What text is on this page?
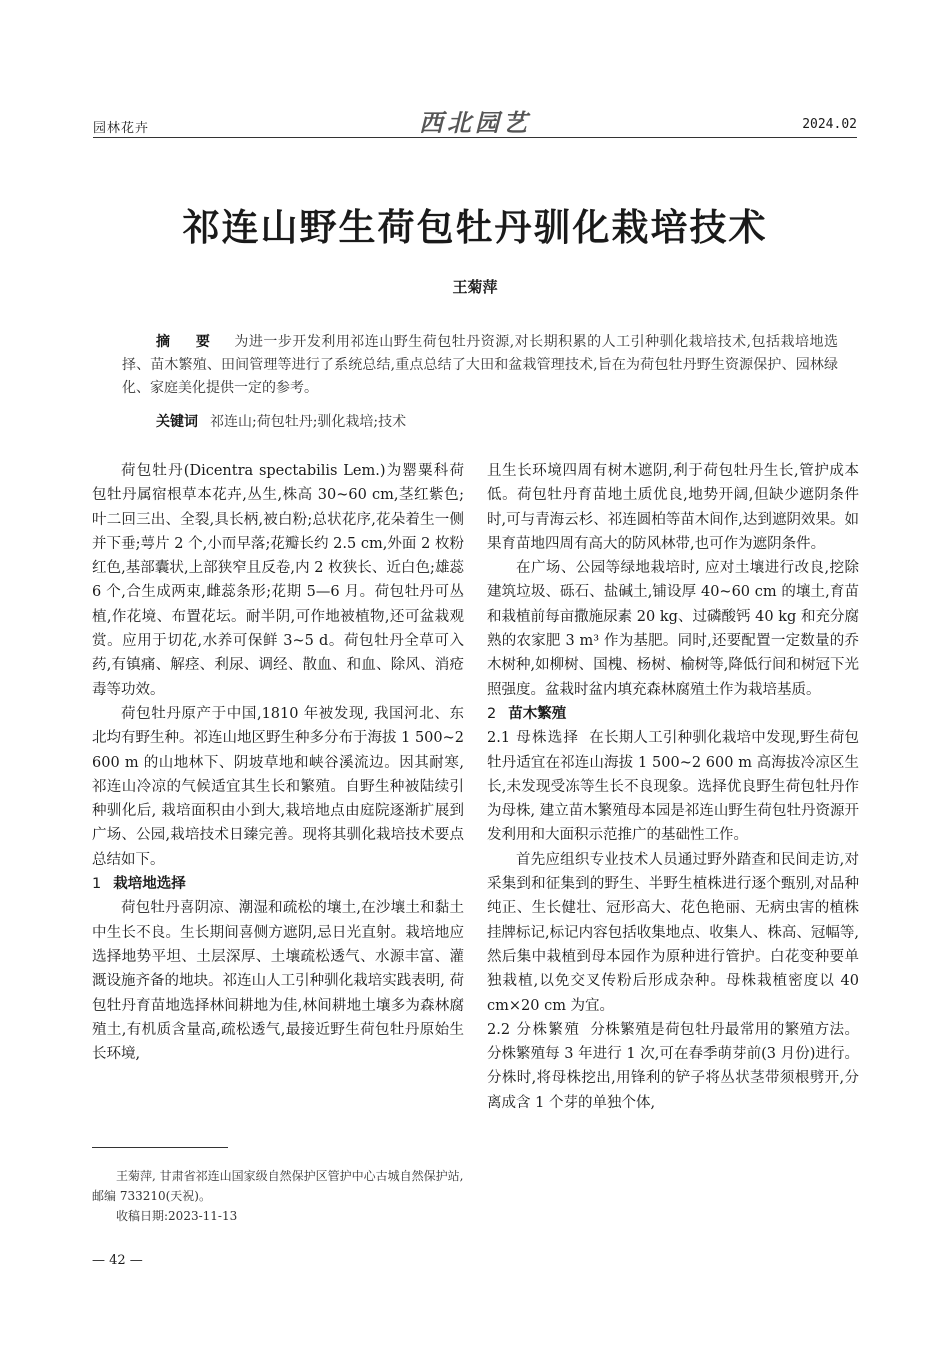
园林花卉	西北园艺	2024.02
祁连山野生荷包牡丹驯化栽培技术
王菊萍
摘 要 为进一步开发利用祁连山野生荷包牡丹资源,对长期积累的人工引种驯化栽培技术,包括栽培地选择、苗木繁殖、田间管理等进行了系统总结,重点总结了大田和盆栽管理技术,旨在为荷包牡丹野生资源保护、园林绿化、家庭美化提供一定的参考。
关键词 祁连山;荷包牡丹;驯化栽培;技术

荷包牡丹(Dicentra spectabilis Lem.)为罂粟科荷包牡丹属宿根草本花卉,丛生,株高 30~60 cm,茎红紫色;叶二回三出、全裂,具长柄,被白粉;总状花序,花朵着生一侧并下垂;萼片 2 个,小而早落;花瓣长约 2.5 cm,外面 2 枚粉红色,基部囊状,上部狭窄且反卷,内 2 枚狭长、近白色;雄蕊 6 个,合生成两束,雌蕊条形;花期 5—6 月。荷包牡丹可丛植,作花境、布置花坛。耐半阴,可作地被植物,还可盆栽观赏。应用于切花,水养可保鲜 3~5 d。荷包牡丹全草可入药,有镇痛、解痉、利尿、调经、散血、和血、除风、消疮毒等功效。

荷包牡丹原产于中国,1810 年被发现, 我国河北、东北均有野生种。祁连山地区野生种多分布于海拔 1 500~2 600 m 的山地林下、阴坡草地和峡谷溪流边。因其耐寒,祁连山冷凉的气候适宜其生长和繁殖。自野生种被陆续引种驯化后, 栽培面积由小到大,栽培地点由庭院逐渐扩展到广场、公园,栽培技术日臻完善。现将其驯化栽培技术要点总结如下。

1 栽培地选择

荷包牡丹喜阴凉、潮湿和疏松的壤土,在沙壤土和黏土中生长不良。生长期间喜侧方遮阴,忌日光直射。栽培地应选择地势平坦、土层深厚、土壤疏松透气、水源丰富、灌溉设施齐备的地块。祁连山人工引种驯化栽培实践表明, 荷包牡丹育苗地选择林间耕地为佳,林间耕地土壤多为森林腐殖土,有机质含量高,疏松透气,最接近野生荷包牡丹原始生长环境,

且生长环境四周有树木遮阴,利于荷包牡丹生长,管护成本低。荷包牡丹育苗地土质优良,地势开阔,但缺少遮阴条件时,可与青海云杉、祁连圆柏等苗木间作,达到遮阴效果。如果育苗地四周有高大的防风林带,也可作为遮阴条件。

在广场、公园等绿地栽培时, 应对土壤进行改良,挖除建筑垃圾、砾石、盐碱土,铺设厚 40~60 cm 的壤土,育苗和栽植前每亩撒施尿素 20 kg、过磷酸钙 40 kg 和充分腐熟的农家肥 3 m³ 作为基肥。同时,还要配置一定数量的乔木树种,如柳树、国槐、杨树、榆树等,降低行间和树冠下光照强度。盆栽时盆内填充森林腐殖土作为栽培基质。

2 苗木繁殖

2.1 母株选择 在长期人工引种驯化栽培中发现,野生荷包牡丹适宜在祁连山海拔 1 500~2 600 m 高海拔冷凉区生长,未发现受冻等生长不良现象。选择优良野生荷包牡丹作为母株, 建立苗木繁殖母本园是祁连山野生荷包牡丹资源开发利用和大面积示范推广的基础性工作。

首先应组织专业技术人员通过野外踏查和民间走访,对采集到和征集到的野生、半野生植株进行逐个甄别,对品种纯正、生长健壮、冠形高大、花色艳丽、无病虫害的植株挂牌标记,标记内容包括收集地点、收集人、株高、冠幅等,然后集中栽植到母本园作为原种进行管护。白花变种要单独栽植,以免交叉传粉后形成杂种。母株栽植密度以 40 cm×20 cm 为宜。

2.2 分株繁殖 分株繁殖是荷包牡丹最常用的繁殖方法。分株繁殖每 3 年进行 1 次,可在春季萌芽前(3 月份)进行。 分株时,将母株挖出,用锋利的铲子将丛状茎带须根劈开,分离成含 1 个芽的单独个体,

王菊萍, 甘肃省祁连山国家级自然保护区管护中心古城自然保护站,邮编 733210(天祝)。

收稿日期:2023-11-13

— 42 —
